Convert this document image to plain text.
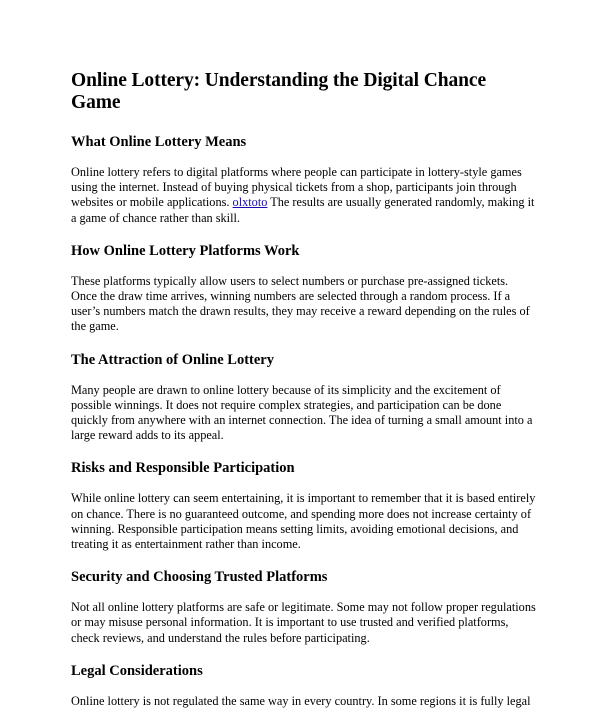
Online Lottery: Understanding the Digital Chance Game
What Online Lottery Means

Online lottery refers to digital platforms where people can participate in lottery-style games using the internet. Instead of buying physical tickets from a shop, participants join through websites or mobile applications. olxtoto The results are usually generated randomly, making it a game of chance rather than skill.

How Online Lottery Platforms Work

These platforms typically allow users to select numbers or purchase pre-assigned tickets. Once the draw time arrives, winning numbers are selected through a random process. If a user’s numbers match the drawn results, they may receive a reward depending on the rules of the game.

The Attraction of Online Lottery

Many people are drawn to online lottery because of its simplicity and the excitement of possible winnings. It does not require complex strategies, and participation can be done quickly from anywhere with an internet connection. The idea of turning a small amount into a large reward adds to its appeal.

Risks and Responsible Participation

While online lottery can seem entertaining, it is important to remember that it is based entirely on chance. There is no guaranteed outcome, and spending more does not increase certainty of winning. Responsible participation means setting limits, avoiding emotional decisions, and treating it as entertainment rather than income.

Security and Choosing Trusted Platforms

Not all online lottery platforms are safe or legitimate. Some may not follow proper regulations or may misuse personal information. It is important to use trusted and verified platforms, check reviews, and understand the rules before participating.

Legal Considerations

Online lottery is not regulated the same way in every country. In some regions it is fully legal
